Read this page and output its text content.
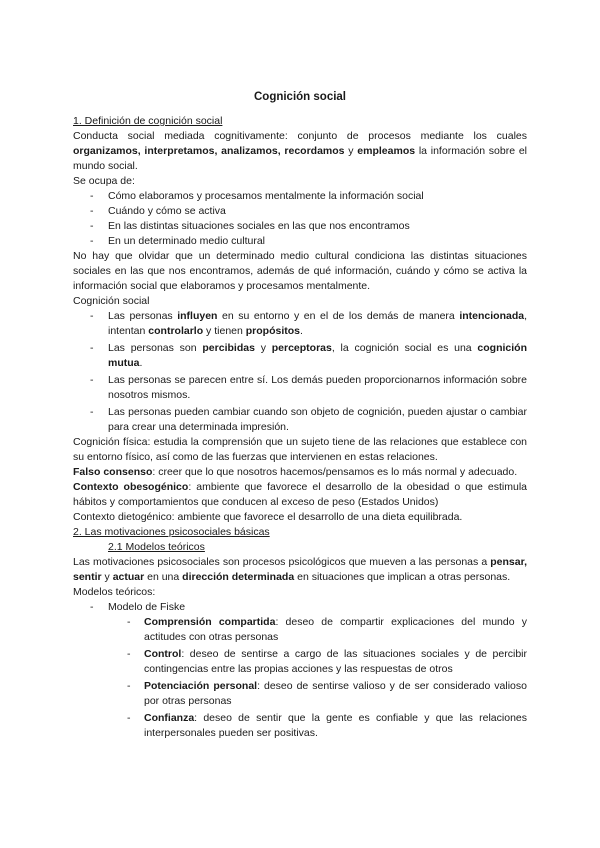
Cognición social

1. Definición de cognición social

Conducta social mediada cognitivamente: conjunto de procesos mediante los cuales organizamos, interpretamos, analizamos, recordamos y empleamos la información sobre el mundo social.

Se ocupa de:

- Cómo elaboramos y procesamos mentalmente la información social
- Cuándo y cómo se activa
- En las distintas situaciones sociales en las que nos encontramos
- En un determinado medio cultural

No hay que olvidar que un determinado medio cultural condiciona las distintas situaciones sociales en las que nos encontramos, además de qué información, cuándo y cómo se activa la información social que elaboramos y procesamos mentalmente.

Cognición social

- Las personas influyen en su entorno y en el de los demás de manera intencionada, intentan controlarlo y tienen propósitos.
- Las personas son percibidas y perceptoras, la cognición social es una cognición mutua.
- Las personas se parecen entre sí. Los demás pueden proporcionarnos información sobre nosotros mismos.
- Las personas pueden cambiar cuando son objeto de cognición, pueden ajustar o cambiar para crear una determinada impresión.

Cognición física: estudia la comprensión que un sujeto tiene de las relaciones que establece con su entorno físico, así como de las fuerzas que intervienen en estas relaciones.

Falso consenso: creer que lo que nosotros hacemos/pensamos es lo más normal y adecuado.

Contexto obesogénico: ambiente que favorece el desarrollo de la obesidad o que estimula hábitos y comportamientos que conducen al exceso de peso (Estados Unidos)

Contexto dietogénico: ambiente que favorece el desarrollo de una dieta equilibrada.

2. Las motivaciones psicosociales básicas

2.1 Modelos teóricos

Las motivaciones psicosociales son procesos psicológicos que mueven a las personas a pensar, sentir y actuar en una dirección determinada en situaciones que implican a otras personas.

Modelos teóricos:

- Modelo de Fiske
- Comprensión compartida: deseo de compartir explicaciones del mundo y actitudes con otras personas
- Control: deseo de sentirse a cargo de las situaciones sociales y de percibir contingencias entre las propias acciones y las respuestas de otros
- Potenciación personal: deseo de sentirse valioso y de ser considerado valioso por otras personas
- Confianza: deseo de sentir que la gente es confiable y que las relaciones interpersonales pueden ser positivas.
